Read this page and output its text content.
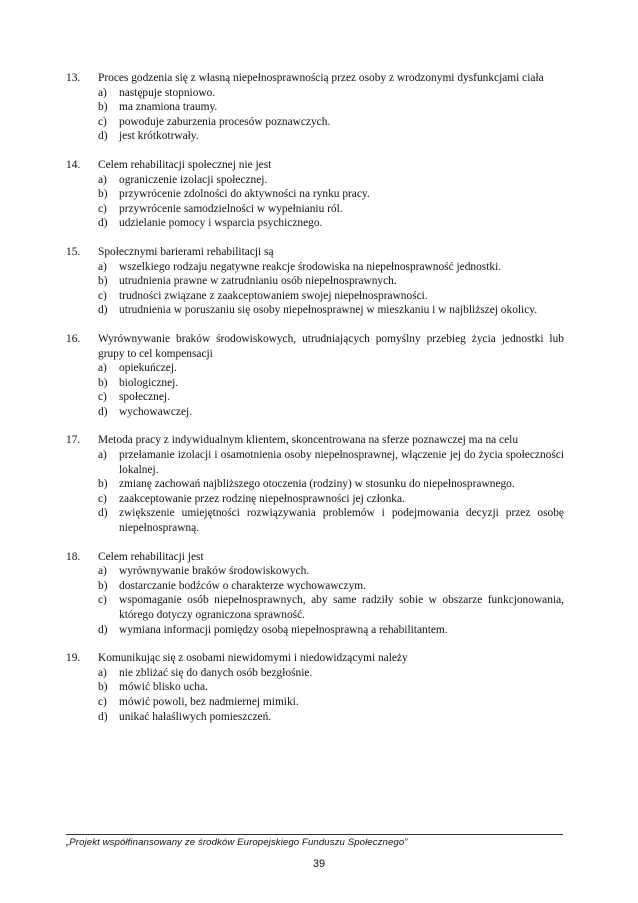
13.	Proces godzenia się z własną niepełnosprawnością przez osoby z wrodzonymi dysfunkcjami ciała
a)	następuje stopniowo.
b)	ma znamiona traumy.
c)	powoduje zaburzenia procesów poznawczych.
d)	jest krótkotrwały.
14.	Celem rehabilitacji społecznej nie jest
a)	ograniczenie izolacji społecznej.
b)	przywrócenie zdolności do aktywności na rynku pracy.
c)	przywrócenie samodzielności w wypełnianiu ról.
d)	udzielanie pomocy i wsparcia psychicznego.
15.	Społecznymi barierami rehabilitacji są
a)	wszelkiego rodzaju negatywne reakcje środowiska na niepełnosprawność jednostki.
b)	utrudnienia prawne w zatrudnianiu osób niepełnosprawnych.
c)	trudności związane z zaakceptowaniem swojej niepełnosprawności.
d)	utrudnienia w poruszaniu się osoby niepełnosprawnej w mieszkaniu i w najbliższej okolicy.
16.	Wyrównywanie braków środowiskowych, utrudniających pomyślny przebieg życia jednostki lub grupy to cel kompensacji
a)	opiekuńczej.
b)	biologicznej.
c)	społecznej.
d)	wychowawczej.
17.	Metoda pracy z indywidualnym klientem, skoncentrowana na sferze poznawczej ma na celu
a)	przełamanie izolacji i osamotnienia osoby niepełnosprawnej, włączenie jej do życia społeczności lokalnej.
b)	zmianę zachowań najbliższego otoczenia (rodziny) w stosunku do niepełnosprawnego.
c)	zaakceptowanie przez rodzinę niepełnosprawności jej członka.
d)	zwiększenie umiejętności rozwiązywania problemów i podejmowania decyzji przez osobę niepełnosprawną.
18.	Celem rehabilitacji jest
a)	wyrównywanie braków środowiskowych.
b)	dostarczanie bodźców o charakterze wychowawczym.
c)	wspomaganie osób niepełnosprawnych, aby same radziły sobie w obszarze funkcjonowania, którego dotyczy ograniczona sprawność.
d)	wymiana informacji pomiędzy osobą niepełnosprawną a rehabilitantem.
19.	Komunikując się z osobami niewidomymi i niedowidzącymi należy
a)	nie zbliżać się do danych osób bezgłośnie.
b)	mówić blisko ucha.
c)	mówić powoli, bez nadmiernej mimiki.
d)	unikać hałaśliwych pomieszczeń.
„Projekt współfinansowany ze środków Europejskiego Funduszu Społecznego”
39
